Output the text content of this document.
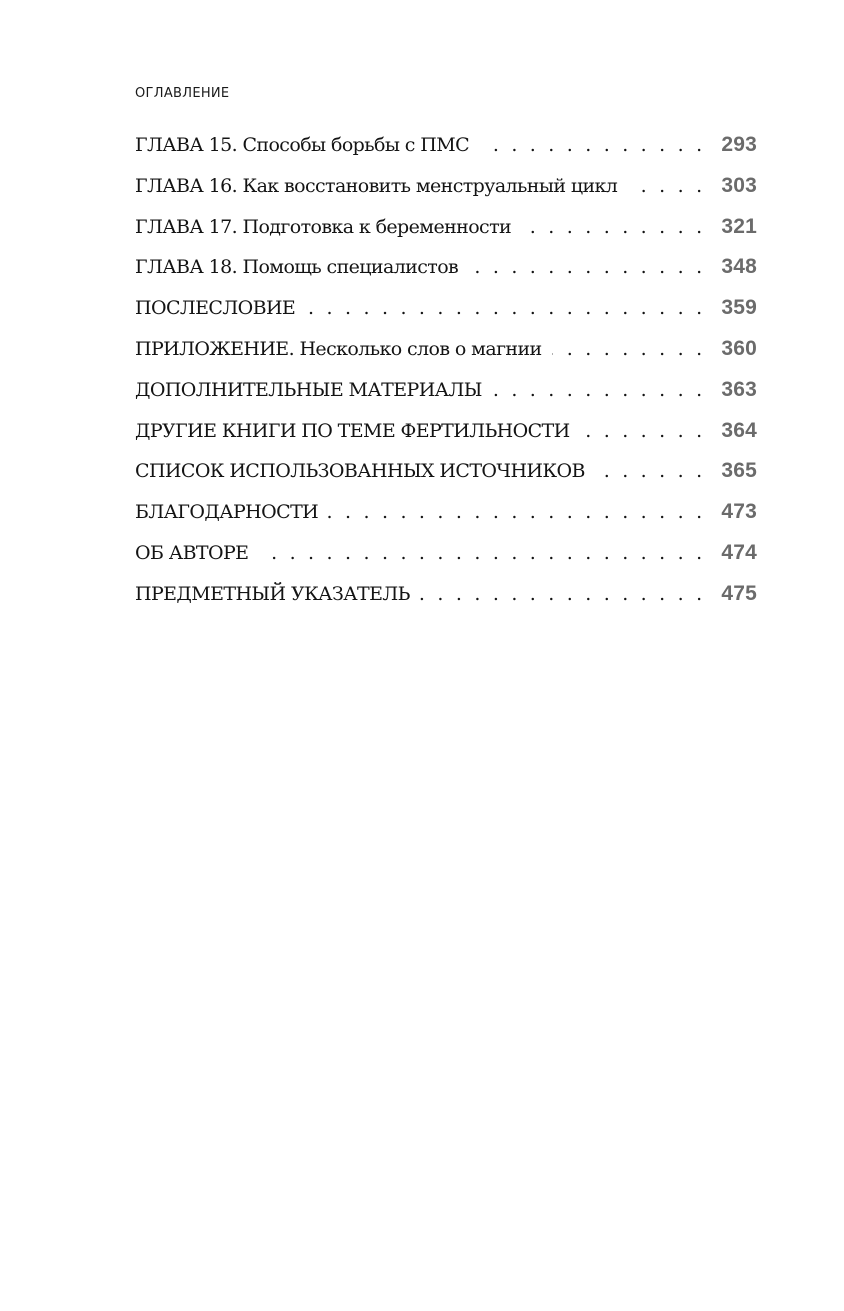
ОГЛАВЛЕНИЕ
ГЛАВА 15. Способы борьбы с ПМС . . .	293
ГЛАВА 16. Как восстановить менструальный цикл . . .	303
ГЛАВА 17. Подготовка к беременности . . .	321
ГЛАВА 18. Помощь специалистов . . .	348
ПОСЛЕСЛОВИЕ . . .	359
ПРИЛОЖЕНИЕ. Несколько слов о магнии . . .	360
ДОПОЛНИТЕЛЬНЫЕ МАТЕРИАЛЫ . . .	363
ДРУГИЕ КНИГИ ПО ТЕМЕ ФЕРТИЛЬНОСТИ . . .	364
СПИСОК ИСПОЛЬЗОВАННЫХ ИСТОЧНИКОВ . . .	365
БЛАГОДАРНОСТИ . . .	473
ОБ АВТОРЕ . . .	474
ПРЕДМЕТНЫЙ УКАЗАТЕЛЬ . . .	475
